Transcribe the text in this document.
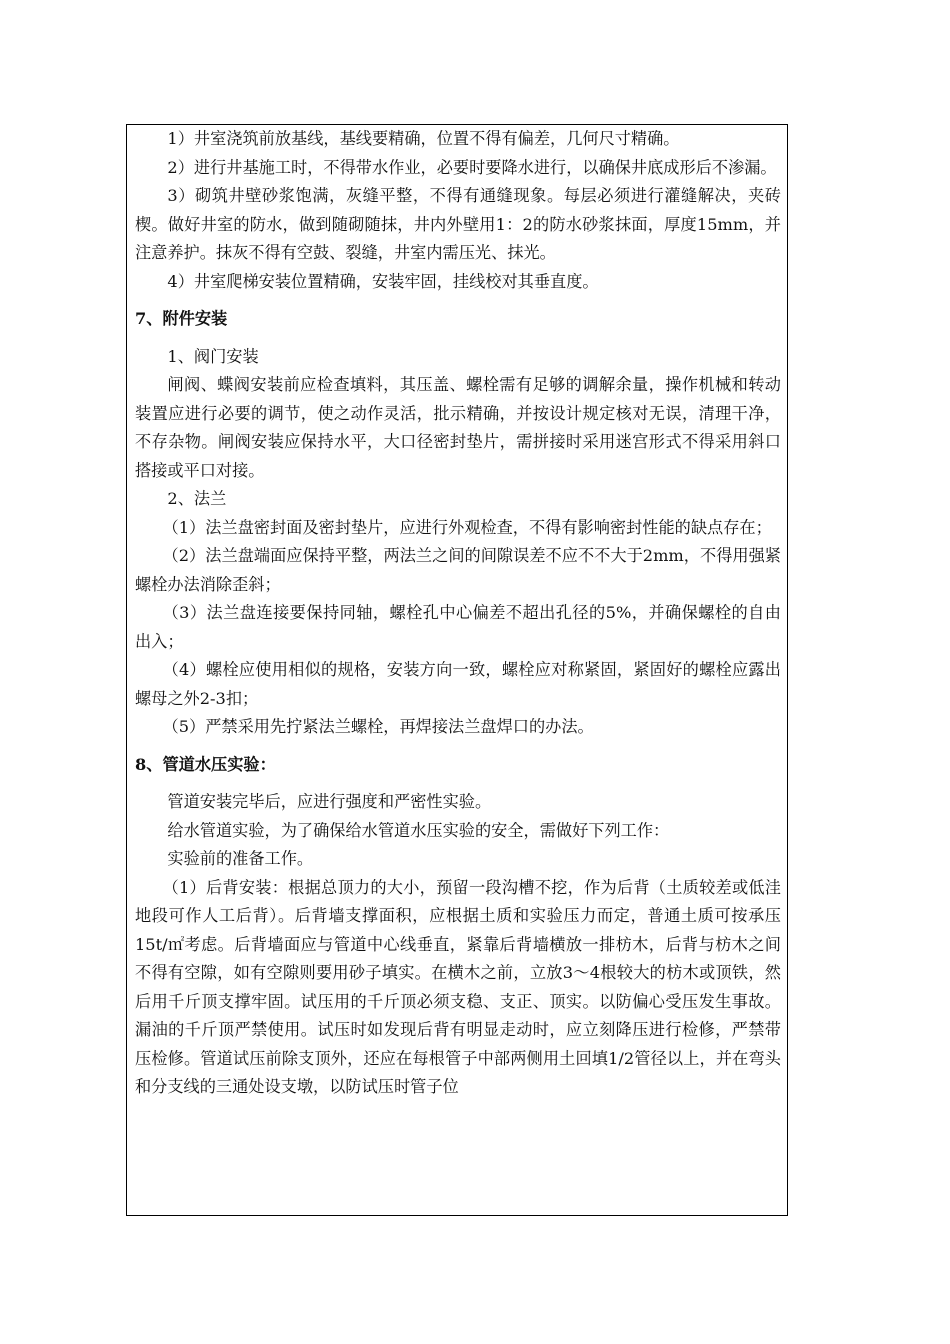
1）井室浇筑前放基线，基线要精确，位置不得有偏差，几何尺寸精确。

2）进行井基施工时，不得带水作业，必要时要降水进行，以确保井底成形后不渗漏。

3）砌筑井壁砂浆饱满，灰缝平整，不得有通缝现象。每层必须进行灌缝解决，夹砖楔。做好井室的防水，做到随砌随抹，井内外壁用1：2的防水砂浆抹面，厚度15mm，并注意养护。抹灰不得有空鼓、裂缝，井室内需压光、抹光。

4）井室爬梯安装位置精确，安装牢固，挂线校对其垂直度。

7、附件安装

1、阀门安装

闸阀、蝶阀安装前应检查填料，其压盖、螺栓需有足够的调解余量，操作机械和转动装置应进行必要的调节，使之动作灵活，批示精确，并按设计规定核对无误，清理干净，不存杂物。闸阀安装应保持水平，大口径密封垫片，需拼接时采用迷宫形式不得采用斜口搭接或平口对接。

2、法兰

（1）法兰盘密封面及密封垫片，应进行外观检查，不得有影响密封性能的缺点存在；

（2）法兰盘端面应保持平整，两法兰之间的间隙误差不应不不大于2mm，不得用强紧螺栓办法消除歪斜；

（3）法兰盘连接要保持同轴，螺栓孔中心偏差不超出孔径的5%，并确保螺栓的自由出入；

（4）螺栓应使用相似的规格，安装方向一致，螺栓应对称紧固，紧固好的螺栓应露出螺母之外2-3扣；

（5）严禁采用先拧紧法兰螺栓，再焊接法兰盘焊口的办法。

8、管道水压实验：

管道安装完毕后，应进行强度和严密性实验。

给水管道实验，为了确保给水管道水压实验的安全，需做好下列工作：

实验前的准备工作。

（1）后背安装：根据总顶力的大小，预留一段沟槽不挖，作为后背（土质较差或低洼地段可作人工后背）。后背墙支撑面积，应根据土质和实验压力而定，普通土质可按承压15t/㎡考虑。后背墙面应与管道中心线垂直，紧靠后背墙横放一排枋木，后背与枋木之间不得有空隙，如有空隙则要用砂子填实。在横木之前，立放3～4根较大的枋木或顶铁，然后用千斤顶支撑牢固。试压用的千斤顶必须支稳、支正、顶实。以防偏心受压发生事故。漏油的千斤顶严禁使用。试压时如发现后背有明显走动时，应立刻降压进行检修，严禁带压检修。管道试压前除支顶外，还应在每根管子中部两侧用土回填1/2管径以上，并在弯头和分支线的三通处设支墩，以防试压时管子位
